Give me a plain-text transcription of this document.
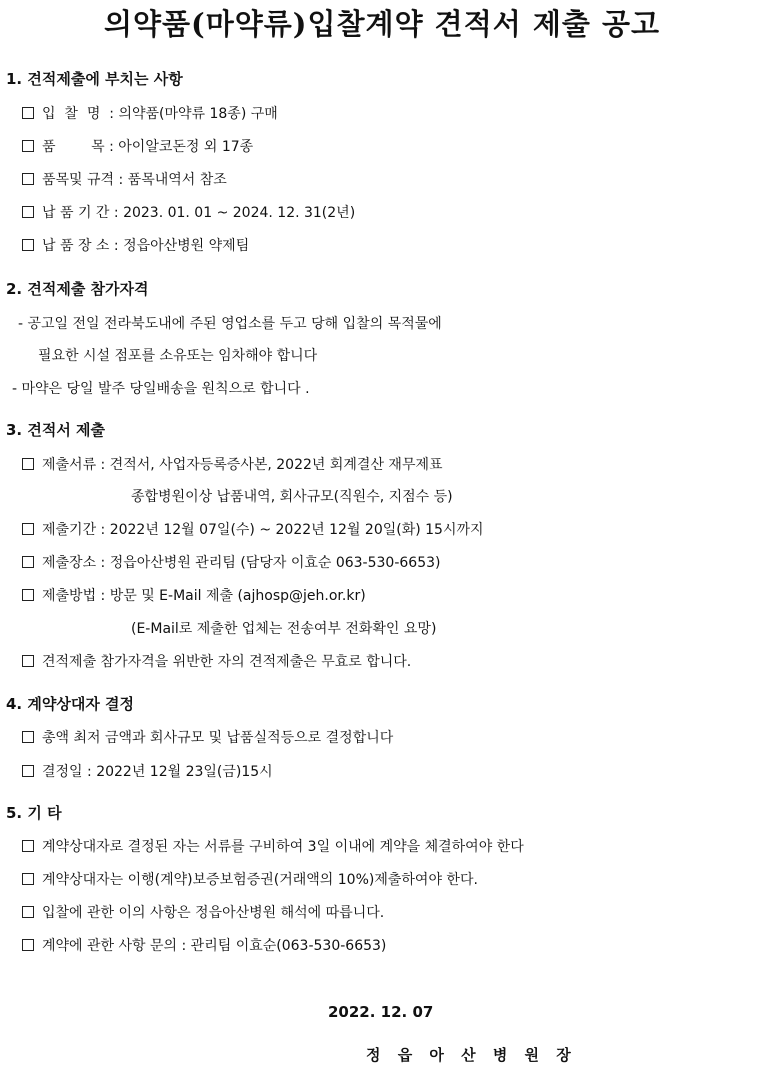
의약품(마약류)입찰계약 견적서 제출 공고
1. 견적제출에 부치는 사항
입  찰  명  : 의약품(마약류 18종) 구매
품        목 : 아이알코돈정 외 17종
품목및 규격 : 품목내역서 참조
납 품 기 간 : 2023. 01. 01 ~ 2024. 12. 31(2년)
납 품 장 소 : 정읍아산병원 약제팀
2. 견적제출 참가자격
- 공고일 전일 전라북도내에 주된 영업소를 두고 당해 입찰의 목적물에
필요한 시설 점포를 소유또는 임차해야 합니다
- 마약은 당일 발주 당일배송을 원칙으로 합니다 .
3. 견적서 제출
제출서류 : 견적서, 사업자등록증사본, 2022년 회계결산 재무제표
종합병원이상 납품내역, 회사규모(직원수, 지점수 등)
제출기간 : 2022년 12월 07일(수) ~ 2022년 12월 20일(화) 15시까지
제출장소 : 정읍아산병원 관리팀 (담당자 이효순 063-530-6653)
제출방법 : 방문 및 E-Mail 제출 (ajhosp@jeh.or.kr)
(E-Mail로 제출한 업체는 전송여부 전화확인 요망)
견적제출 참가자격을 위반한 자의 견적제출은 무효로 합니다.
4. 계약상대자 결정
총액 최저 금액과 회사규모 및 납품실적등으로 결정합니다
결정일 : 2022년 12월 23일(금)15시
5. 기 타
계약상대자로 결정된 자는 서류를 구비하여 3일 이내에 계약을 체결하여야 한다
계약상대자는 이행(계약)보증보험증권(거래액의 10%)제출하여야 한다.
입찰에 관한 이의 사항은 정읍아산병원 해석에 따릅니다.
계약에 관한 사항 문의 : 관리팀 이효순(063-530-6653)
2022. 12. 07
정 읍 아 산 병 원 장
